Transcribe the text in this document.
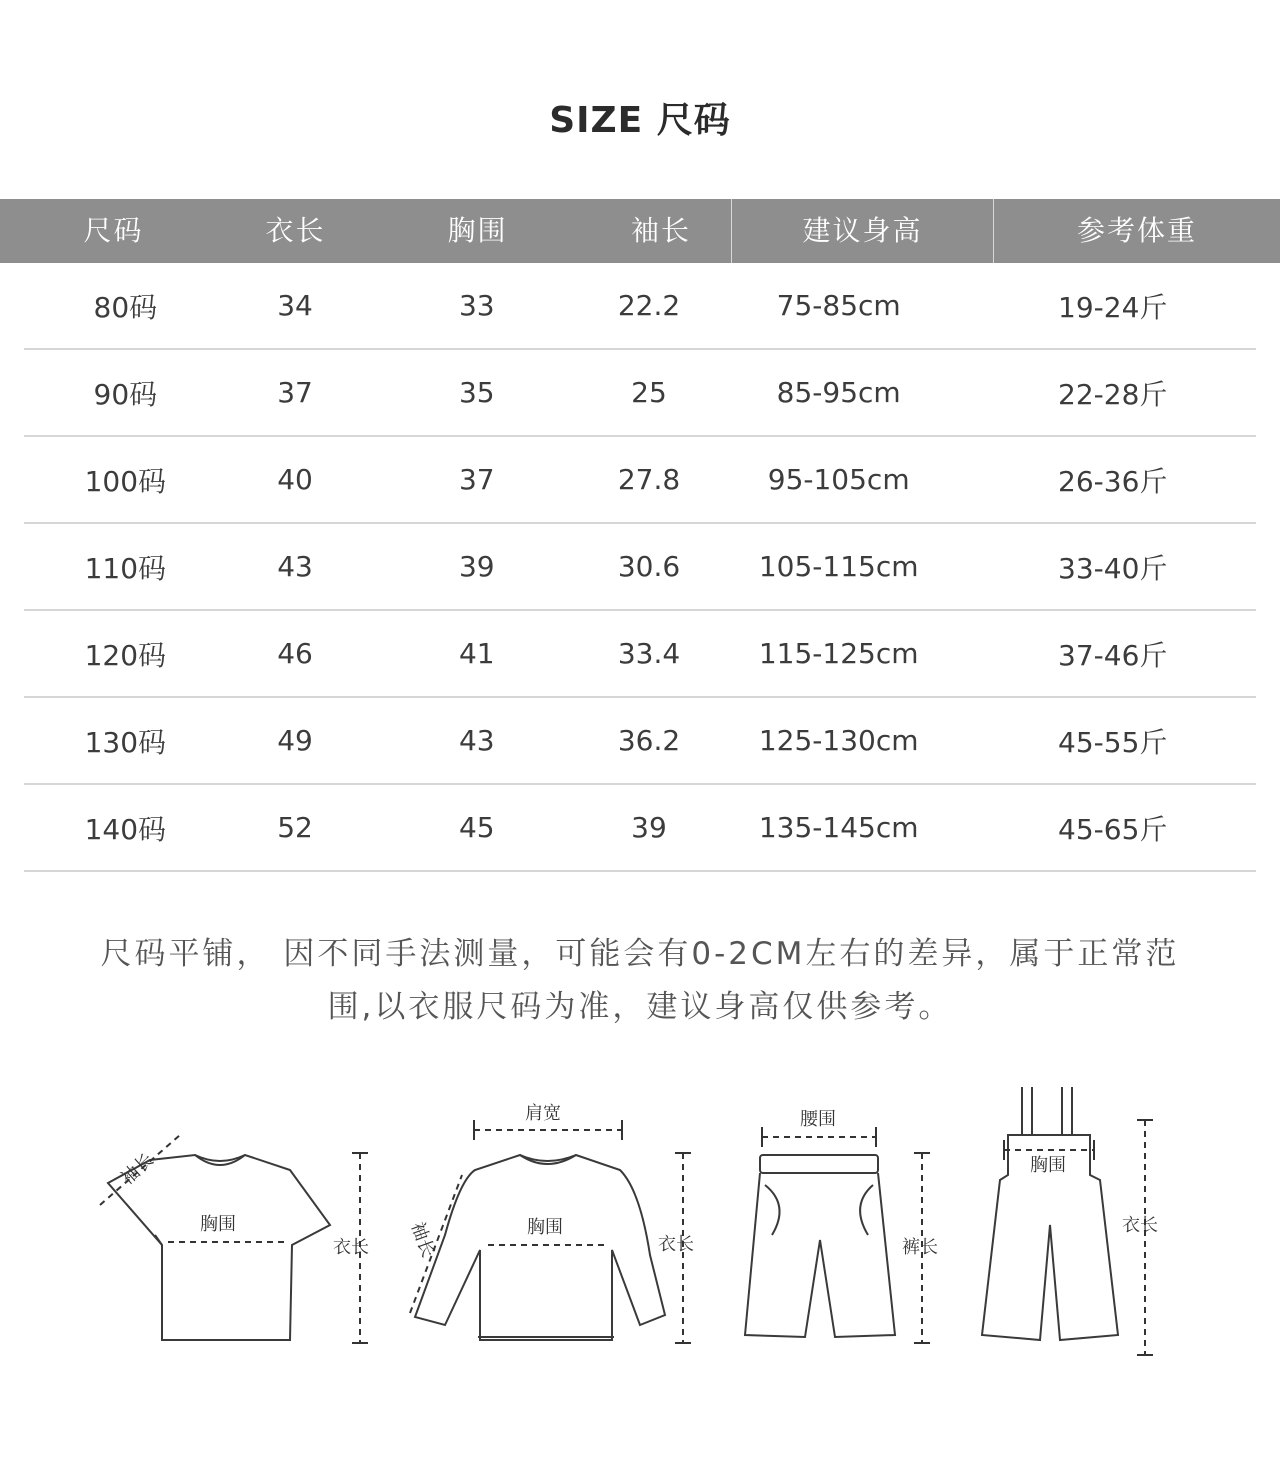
SIZE 尺码
尺码	衣长	胸围	袖长	建议身高	参考体重
80码	34	33	22.2	75-85cm	19-24斤
90码	37	35	25	85-95cm	22-28斤
100码	40	37	27.8	95-105cm	26-36斤
110码	43	39	30.6	105-115cm	33-40斤
120码	46	41	33.4	115-125cm	37-46斤
130码	49	43	36.2	125-130cm	45-55斤
140码	52	45	39	135-145cm	45-65斤
尺码平铺， 因不同手法测量，可能会有0-2CM左右的差异，属于正常范
围,以衣服尺码为准，建议身高仅供参考。
袖长
胸围
衣长
肩宽
袖长	胸围
衣长
腰围
裤长
胸围
衣长
